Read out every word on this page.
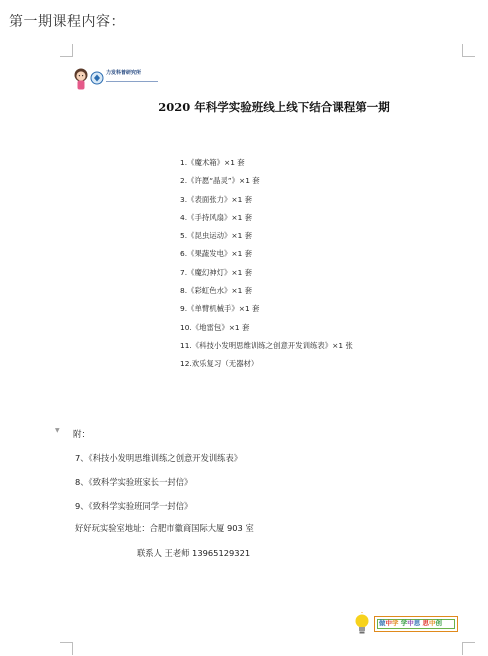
第一期课程内容：
力发科普研究所
2020 年科学实验班线上线下结合课程第一期
1.《魔术箱》×1 套
2.《许愿“晶灵”》×1 套
3.《表面张力》×1 套
4.《手持风扇》×1 套
5.《昆虫运动》×1 套
6.《果蔬发电》×1 套
7.《魔幻神灯》×1 套
8.《彩虹色水》×1 套
9.《单臂机械手》×1 套
10.《地雷包》×1 套
11.《科技小发明思维训练之创意开发训练表》×1 张
12.欢乐复习（无器材）
▼ 附：
7、《科技小发明思维训练之创意开发训练表》
8、《致科学实验班家长一封信》
9、《致科学实验班同学一封信》
好好玩实验室地址：合肥市徽商国际大厦 903 室
联系人 王老师 13965129321
做中学 学中思 思中创
